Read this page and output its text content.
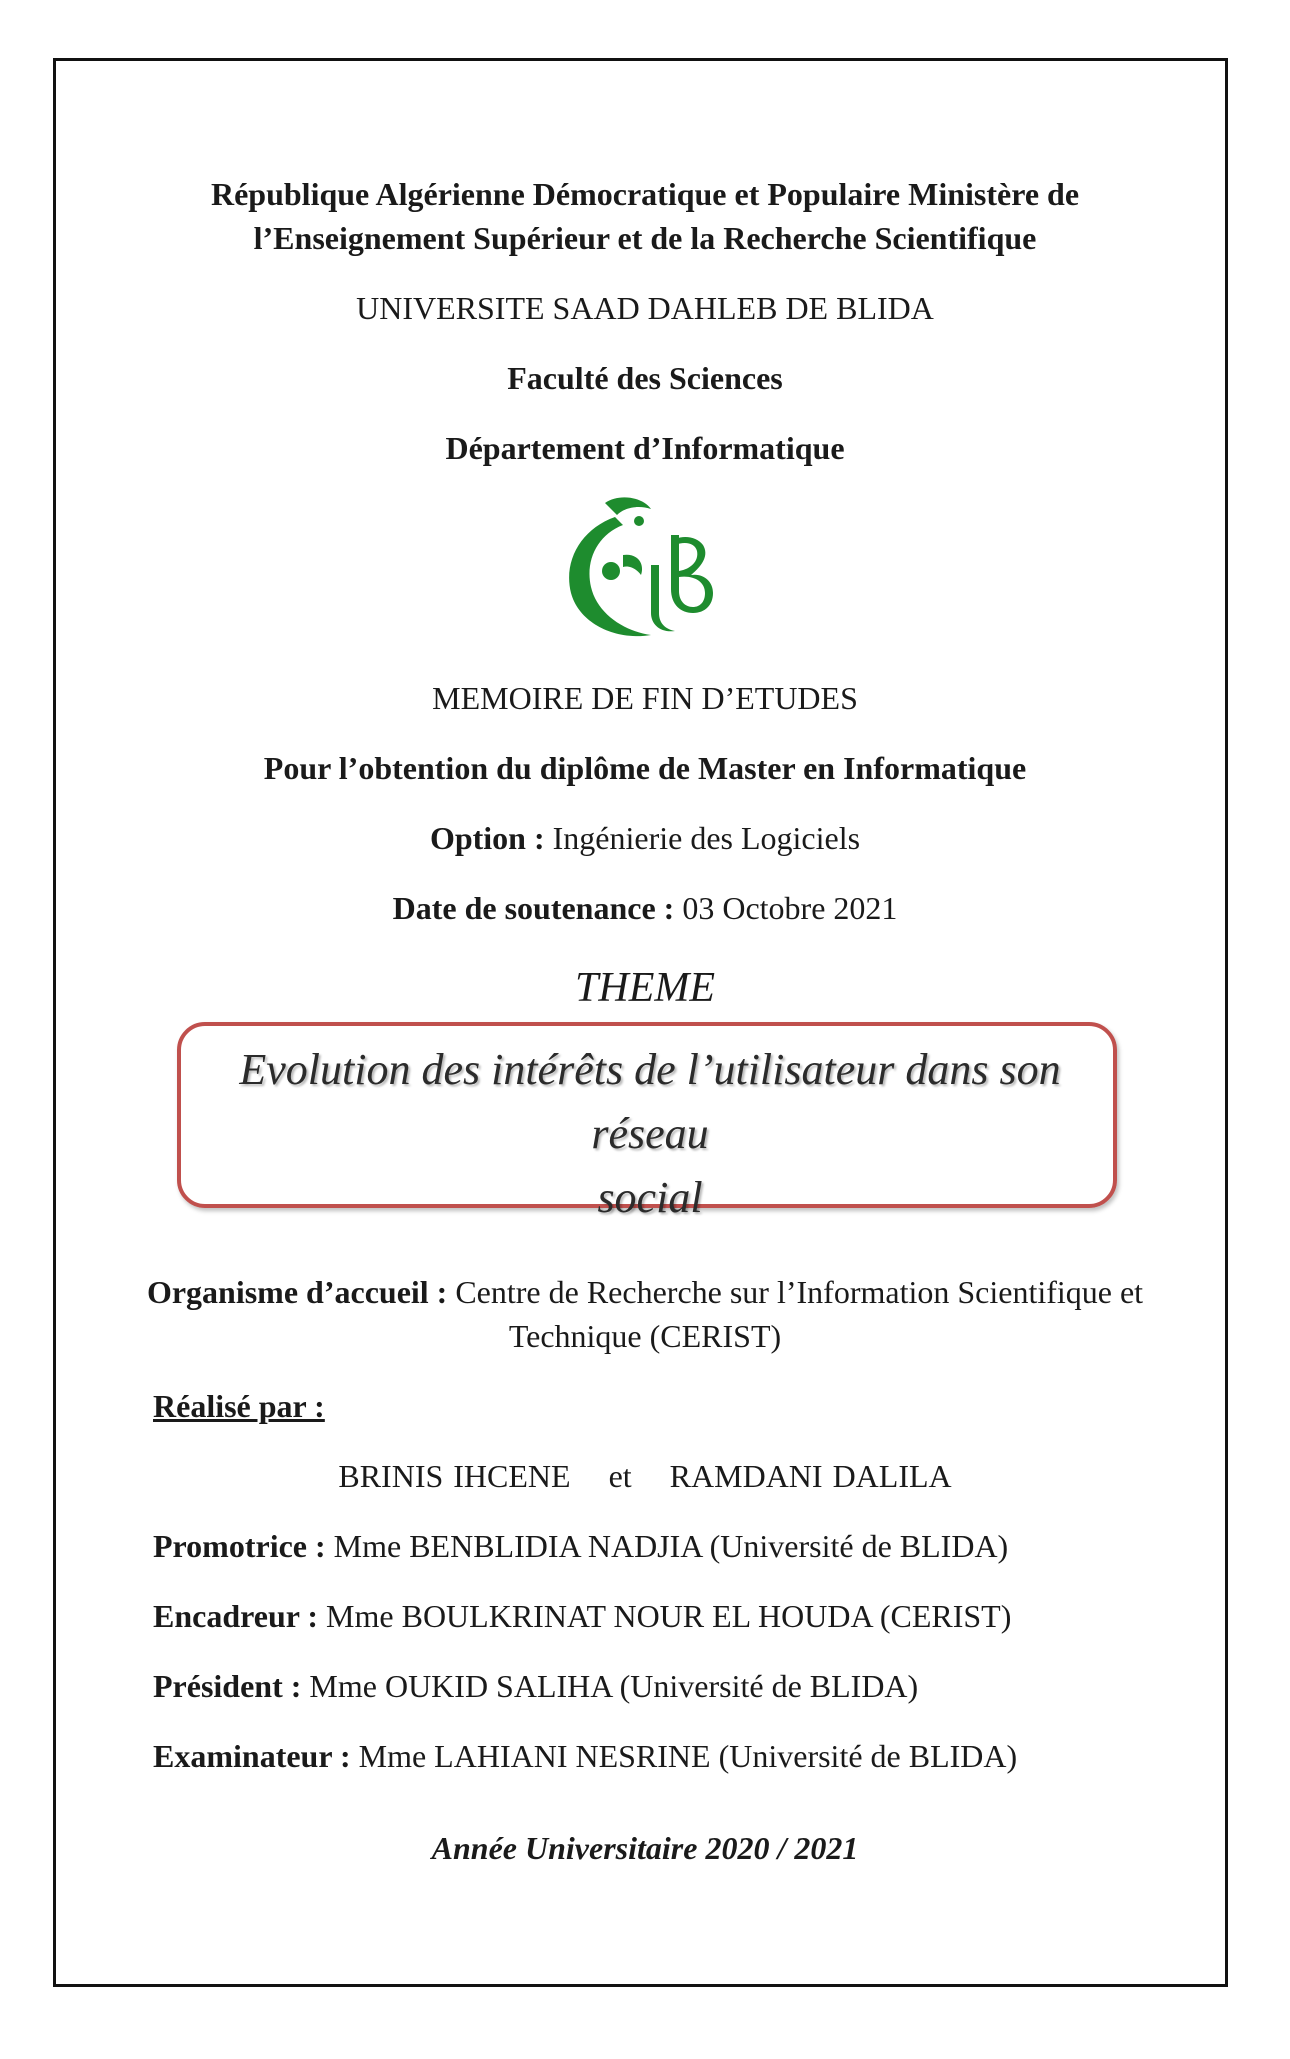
République Algérienne Démocratique et Populaire Ministère de
l’Enseignement Supérieur et de la Recherche Scientifique
UNIVERSITE SAAD DAHLEB DE BLIDA
Faculté des Sciences
Département d’Informatique
MEMOIRE DE FIN D’ETUDES
Pour l’obtention du diplôme de Master en Informatique
Option : Ingénierie des Logiciels
Date de soutenance : 03 Octobre 2021
THEME
Evolution des intérêts de l’utilisateur dans son réseau
social
Organisme d’accueil : Centre de Recherche sur l’Information Scientifique et
Technique (CERIST)
Réalisé par :
BRINIS IHCENE et RAMDANI DALILA
Promotrice : Mme BENBLIDIA NADJIA (Université de BLIDA)
Encadreur : Mme BOULKRINAT NOUR EL HOUDA (CERIST)
Président : Mme OUKID SALIHA (Université de BLIDA)
Examinateur : Mme LAHIANI NESRINE (Université de BLIDA)
Année Universitaire 2020 / 2021
